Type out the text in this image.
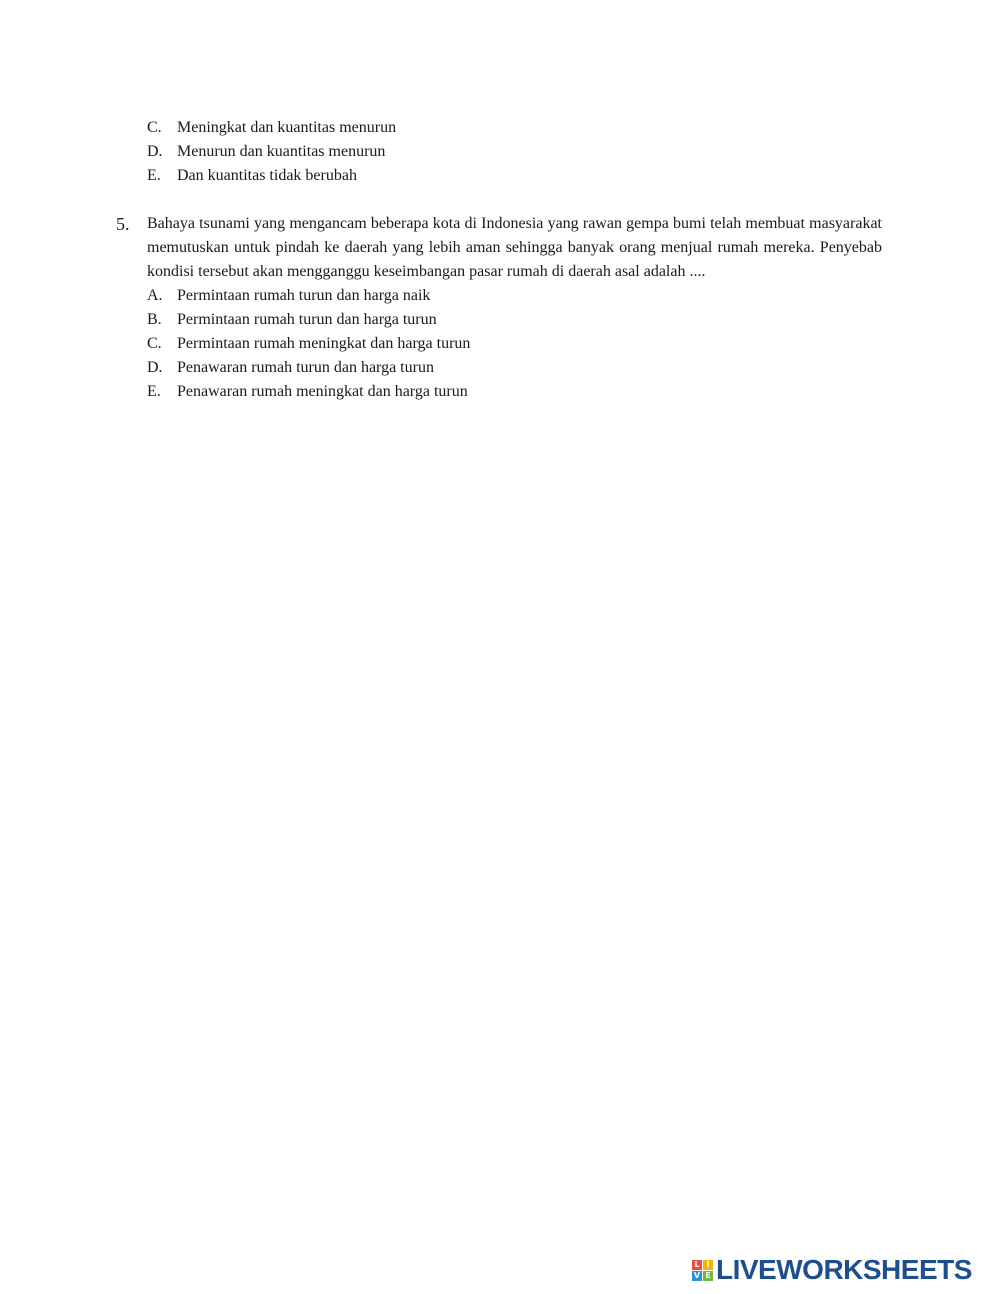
C. Meningkat dan kuantitas menurun
D. Menurun dan kuantitas menurun
E.	Dan kuantitas tidak berubah
5.	Bahaya tsunami yang mengancam beberapa kota di Indonesia yang rawan gempa bumi telah membuat masyarakat memutuskan untuk pindah ke daerah yang lebih aman sehingga banyak orang menjual rumah mereka. Penyebab kondisi tersebut akan mengganggu keseimbangan pasar rumah di daerah asal adalah ....
A. Permintaan rumah turun dan harga naik
B. Permintaan rumah turun dan harga turun
C. Permintaan rumah meningkat dan harga turun
D. Penawaran rumah turun dan harga turun
E.	Penawaran rumah meningkat dan harga turun
L I
V E LIVEWORKSHEETS
